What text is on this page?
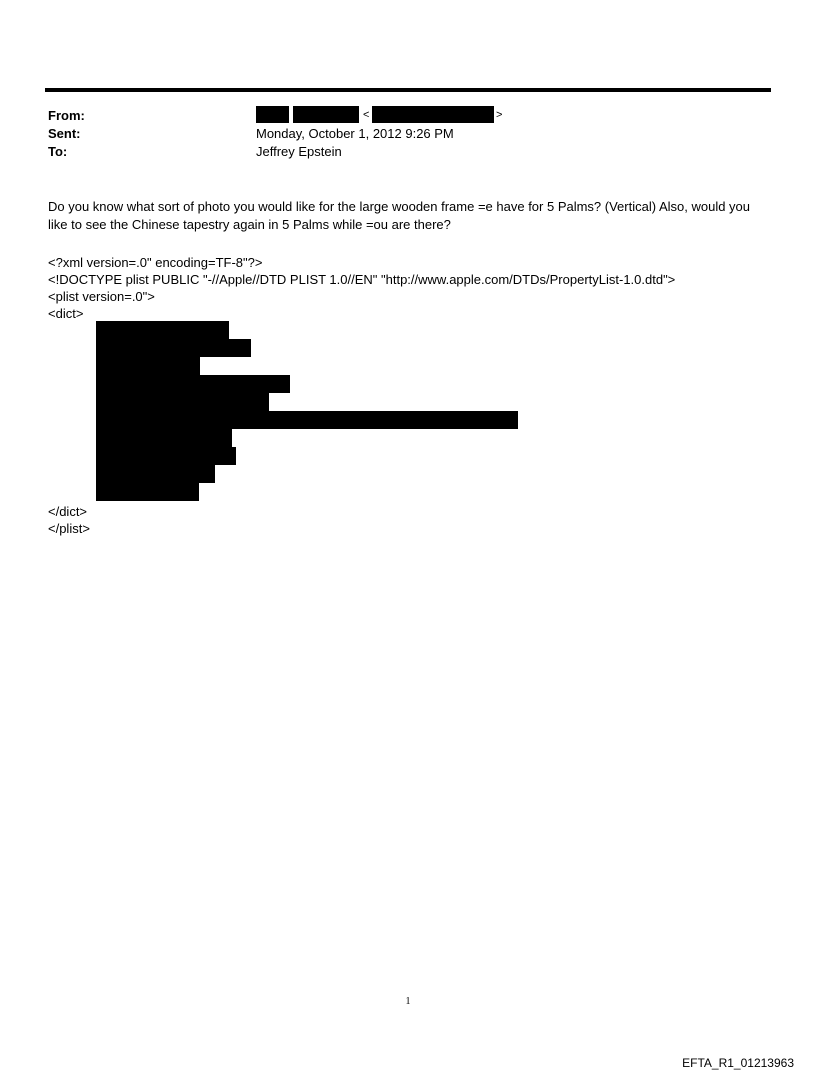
From:
Sent:
To:
<	>
Monday, October 1, 2012 9:26 PM
Jeffrey Epstein
Do you know what sort of photo you would like for the large wooden frame =e have for 5 Palms? (Vertical) Also, would you like to see the Chinese tapestry again in 5 Palms while =ou are there?
<?xml version=.0" encoding=TF-8"?>
<!DOCTYPE plist PUBLIC "-//Apple//DTD PLIST 1.0//EN" "http://www.apple.com/DTDs/PropertyList-1.0.dtd">
<plist version=.0">
<dict>
</dict>
</plist>
1
EFTA_R1_01213963
